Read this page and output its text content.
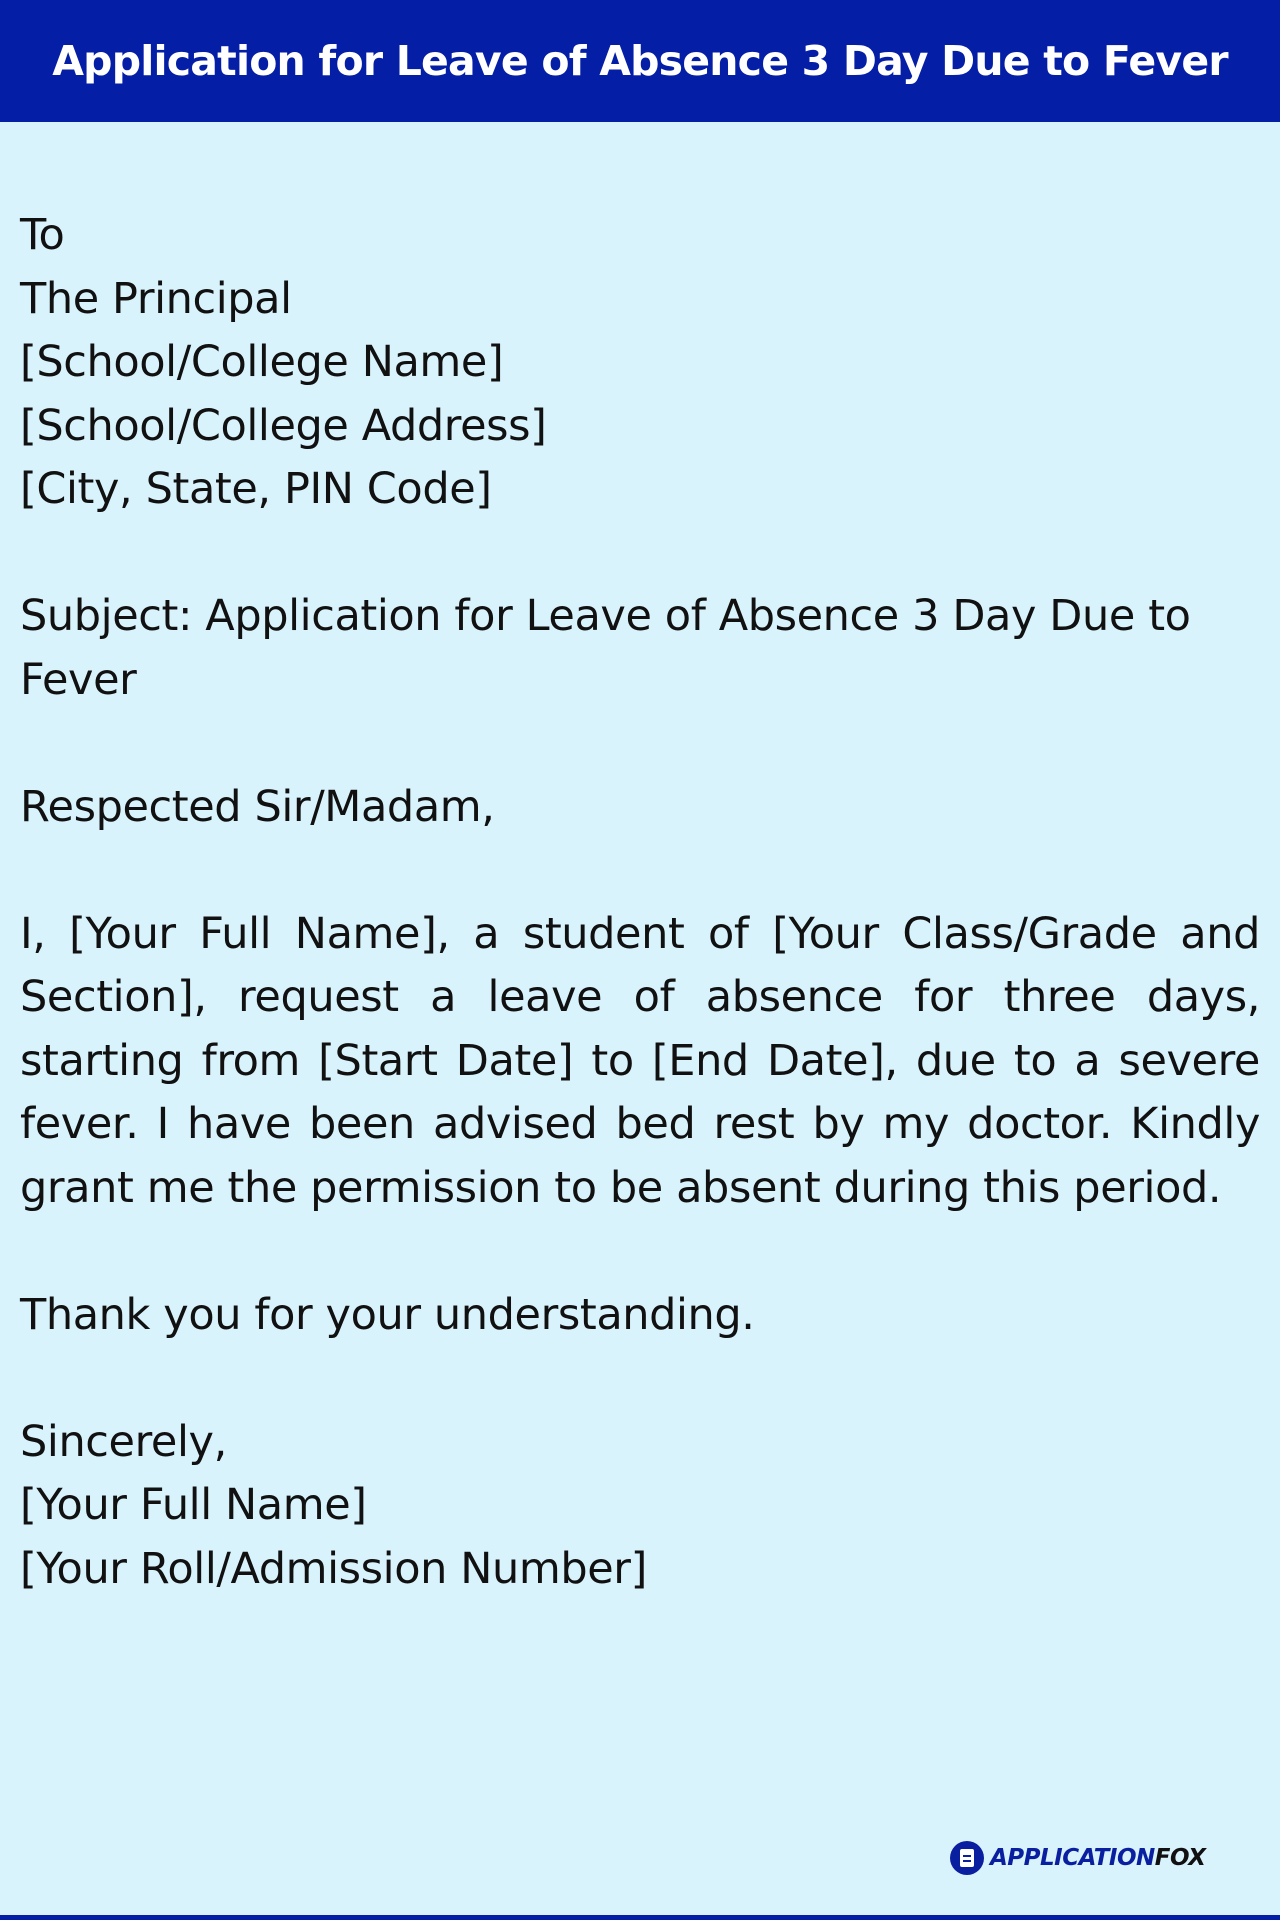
Application for Leave of Absence 3 Day Due to Fever
To
The Principal
[School/College Name]
[School/College Address]
[City, State, PIN Code]
Subject: Application for Leave of Absence 3 Day Due to
Fever
Respected Sir/Madam,
I, [Your Full Name], a student of [Your Class/Grade and Section], request a leave of absence for three days, starting from [Start Date] to [End Date], due to a severe fever. I have been advised bed rest by my doctor. Kindly grant me the permission to be absent during this period.
Thank you for your understanding.
Sincerely,
[Your Full Name]
[Your Roll/Admission Number]
APPLICATIONFOX
